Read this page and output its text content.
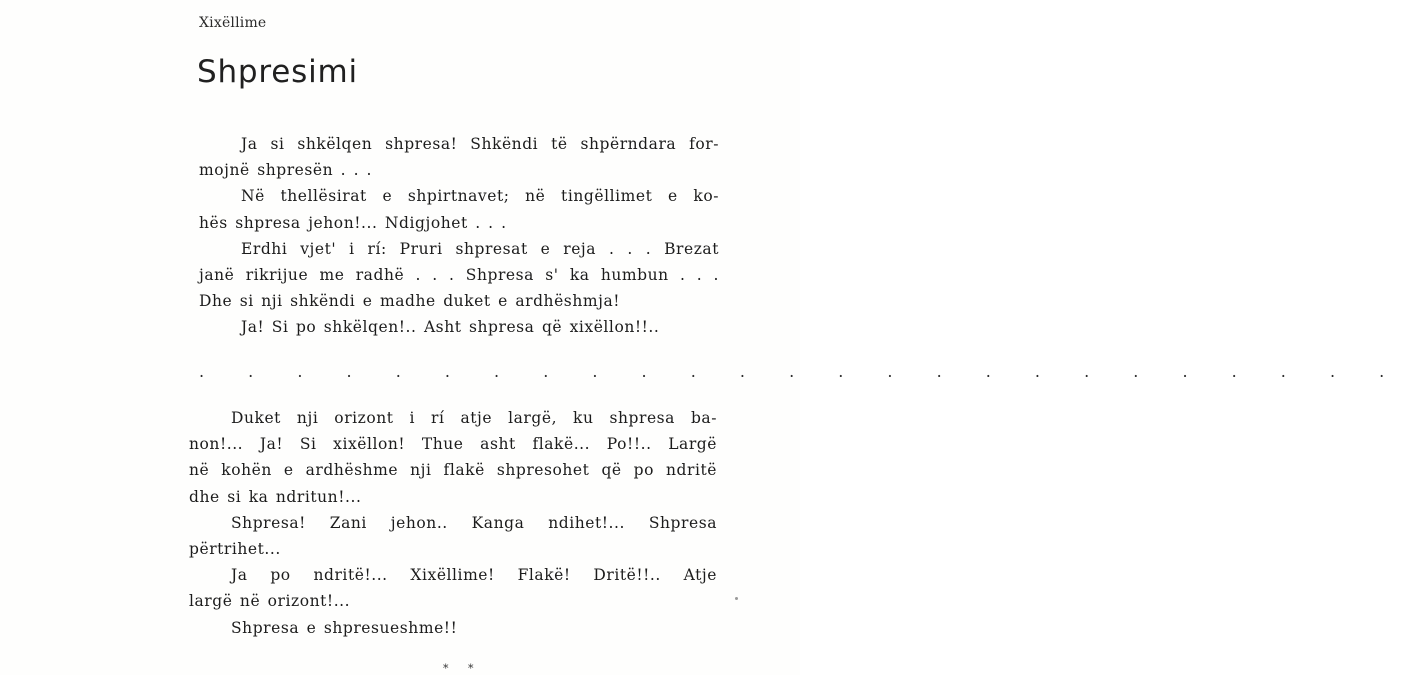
Xixëllime
Shpresimi

Ja si shkëlqen shpresa! Shkëndi të shpërndara for-
mojnë shpresën . . .

Në thellësirat e shpirtnavet; në tingëllimet e ko-
hës shpresa jehon!... Ndigjohet . . .

Erdhi vjet' i rí: Pruri shpresat e reja . . . Brezat
janë rikrijue me radhë . . . Shpresa s' ka humbun . . .
Dhe si nji shkëndi e madhe duket e ardhëshmja!

Ja! Si po shkëlqen!.. Asht shpresa që xixëllon!!..

. . . . . . . . . . . . . . . . . . . . . . . . .

Duket nji orizont i rí atje largë, ku shpresa ba-
non!... Ja! Si xixëllon! Thue asht flakë... Po!!.. Largë
në kohën e ardhëshme nji flakë shpresohet që po ndritë
dhe si ka ndritun!...

Shpresa! Zani jehon.. Kanga ndihet!... Shpresa
përtrihet...

Ja po ndritë!... Xixëllime! Flakë! Dritë!!.. Atje
largë në orizont!...

Shpresa e shpresueshme!!

* *
